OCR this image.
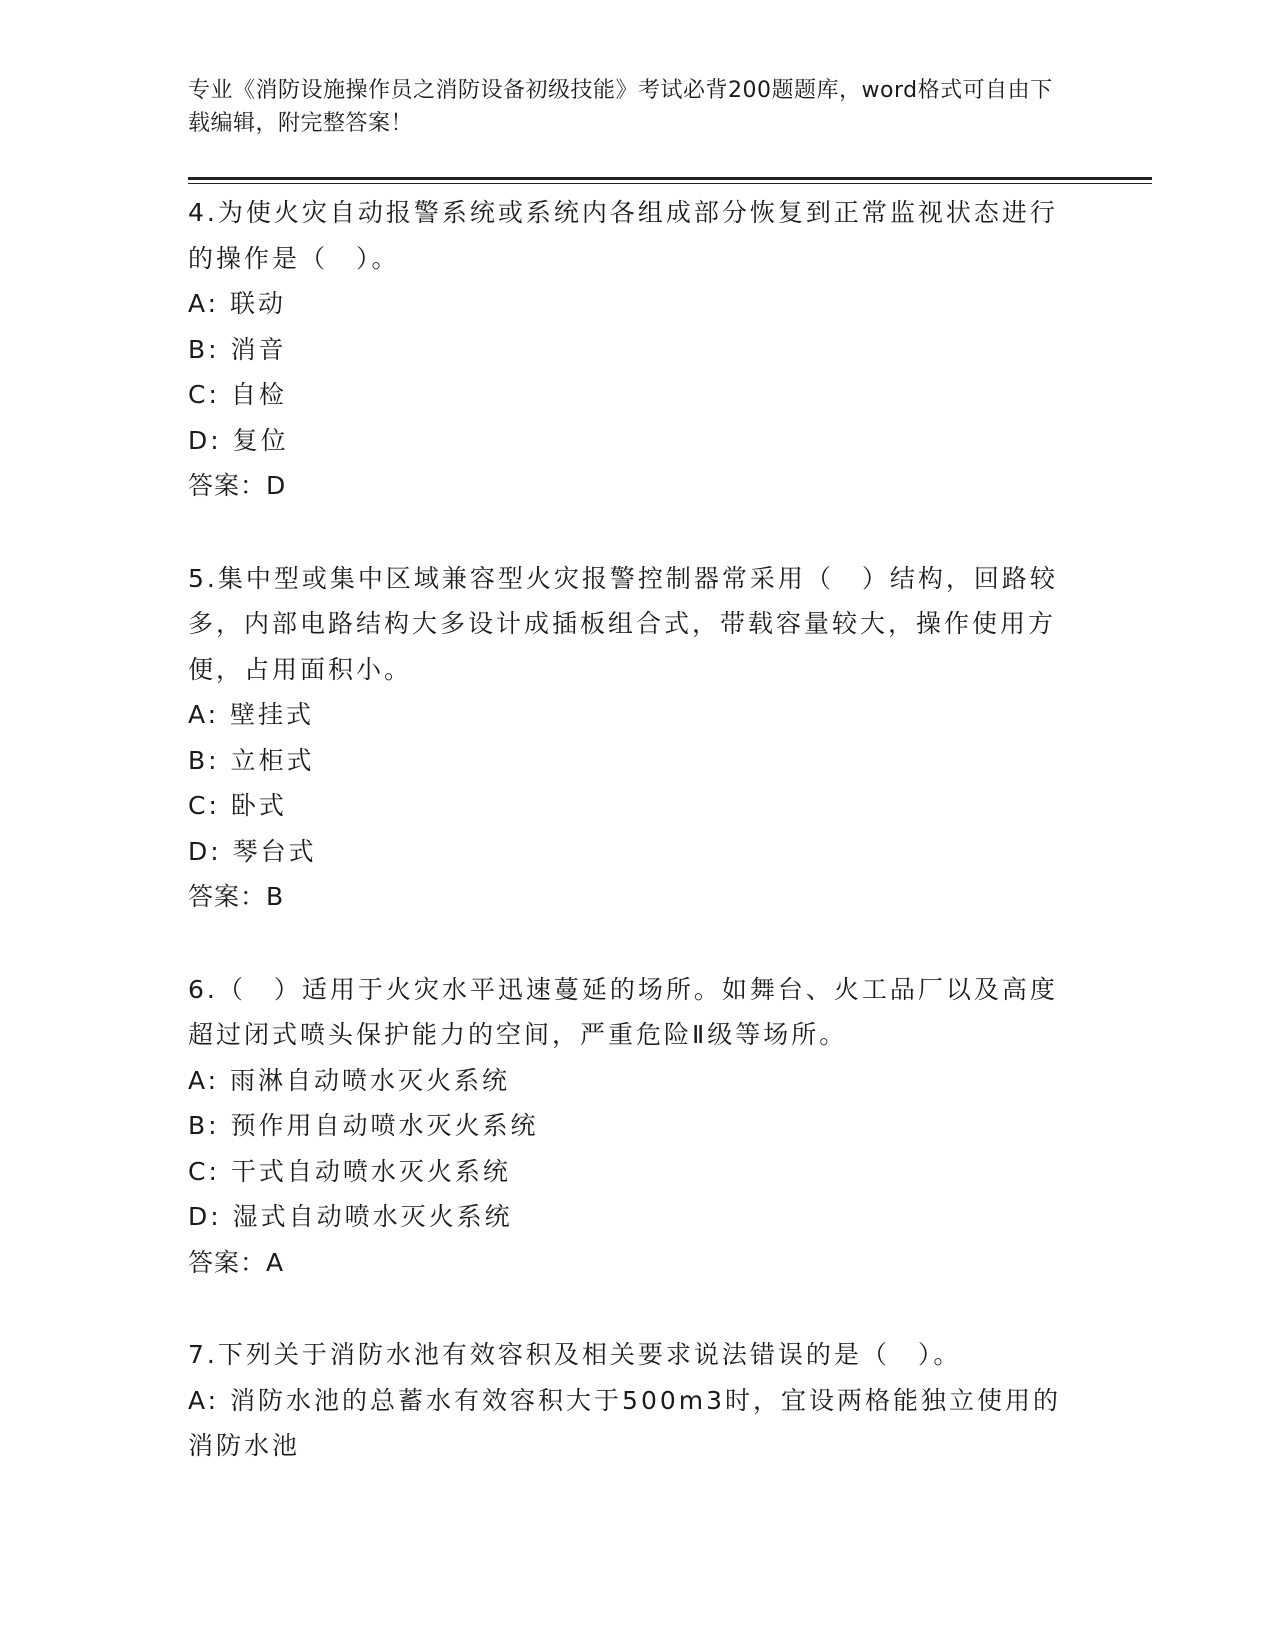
专业《消防设施操作员之消防设备初级技能》考试必背200题题库，word格式可自由下载编辑，附完整答案！
4.为使火灾自动报警系统或系统内各组成部分恢复到正常监视状态进行的操作是（　）。
A: 联动
B: 消音
C: 自检
D: 复位
答案：D
5.集中型或集中区域兼容型火灾报警控制器常采用（　）结构，回路较多，内部电路结构大多设计成插板组合式，带载容量较大，操作使用方便，占用面积小。
A: 壁挂式
B: 立柜式
C: 卧式
D: 琴台式
答案：B
6.（　）适用于火灾水平迅速蔓延的场所。如舞台、火工品厂以及高度超过闭式喷头保护能力的空间，严重危险Ⅱ级等场所。
A: 雨淋自动喷水灭火系统
B: 预作用自动喷水灭火系统
C: 干式自动喷水灭火系统
D: 湿式自动喷水灭火系统
答案：A
7.下列关于消防水池有效容积及相关要求说法错误的是（　）。
A: 消防水池的总蓄水有效容积大于500m3时，宜设两格能独立使用的消防水池
